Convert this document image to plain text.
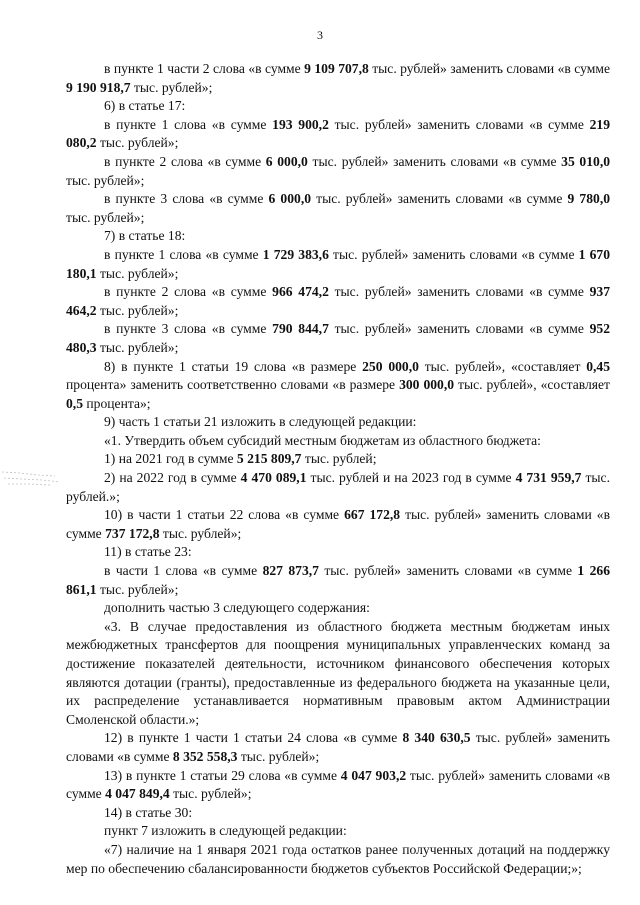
3

в пункте 1 части 2 слова «в сумме 9 109 707,8 тыс. рублей» заменить словами «в сумме 9 190 918,7 тыс. рублей»;

6) в статье 17:

в пункте 1 слова «в сумме 193 900,2 тыс. рублей» заменить словами «в сумме 219 080,2 тыс. рублей»;

в пункте 2 слова «в сумме 6 000,0 тыс. рублей» заменить словами «в сумме 35 010,0 тыс. рублей»;

в пункте 3 слова «в сумме 6 000,0 тыс. рублей» заменить словами «в сумме 9 780,0 тыс. рублей»;

7) в статье 18:

в пункте 1 слова «в сумме 1 729 383,6 тыс. рублей» заменить словами «в сумме 1 670 180,1 тыс. рублей»;

в пункте 2 слова «в сумме 966 474,2 тыс. рублей» заменить словами «в сумме 937 464,2 тыс. рублей»;

в пункте 3 слова «в сумме 790 844,7 тыс. рублей» заменить словами «в сумме 952 480,3 тыс. рублей»;

8) в пункте 1 статьи 19 слова «в размере 250 000,0 тыс. рублей», «составляет 0,45 процента» заменить соответственно словами «в размере 300 000,0 тыс. рублей», «составляет 0,5 процента»;

9) часть 1 статьи 21 изложить в следующей редакции:

«1. Утвердить объем субсидий местным бюджетам из областного бюджета:

1) на 2021 год в сумме 5 215 809,7 тыс. рублей;

2) на 2022 год в сумме 4 470 089,1 тыс. рублей и на 2023 год в сумме 4 731 959,7 тыс. рублей.»;

10) в части 1 статьи 22 слова «в сумме 667 172,8 тыс. рублей» заменить словами «в сумме 737 172,8 тыс. рублей»;

11) в статье 23:

в части 1 слова «в сумме 827 873,7 тыс. рублей» заменить словами «в сумме 1 266 861,1 тыс. рублей»;

дополнить частью 3 следующего содержания:

«3. В случае предоставления из областного бюджета местным бюджетам иных межбюджетных трансфертов для поощрения муниципальных управленческих команд за достижение показателей деятельности, источником финансового обеспечения которых являются дотации (гранты), предоставленные из федерального бюджета на указанные цели, их распределение устанавливается нормативным правовым актом Администрации Смоленской области.»;

12) в пункте 1 части 1 статьи 24 слова «в сумме 8 340 630,5 тыс. рублей» заменить словами «в сумме 8 352 558,3 тыс. рублей»;

13) в пункте 1 статьи 29 слова «в сумме 4 047 903,2 тыс. рублей» заменить словами «в сумме 4 047 849,4 тыс. рублей»;

14) в статье 30:

пункт 7 изложить в следующей редакции:

«7) наличие на 1 января 2021 года остатков ранее полученных дотаций на поддержку мер по обеспечению сбалансированности бюджетов субъектов Российской Федерации;»;
